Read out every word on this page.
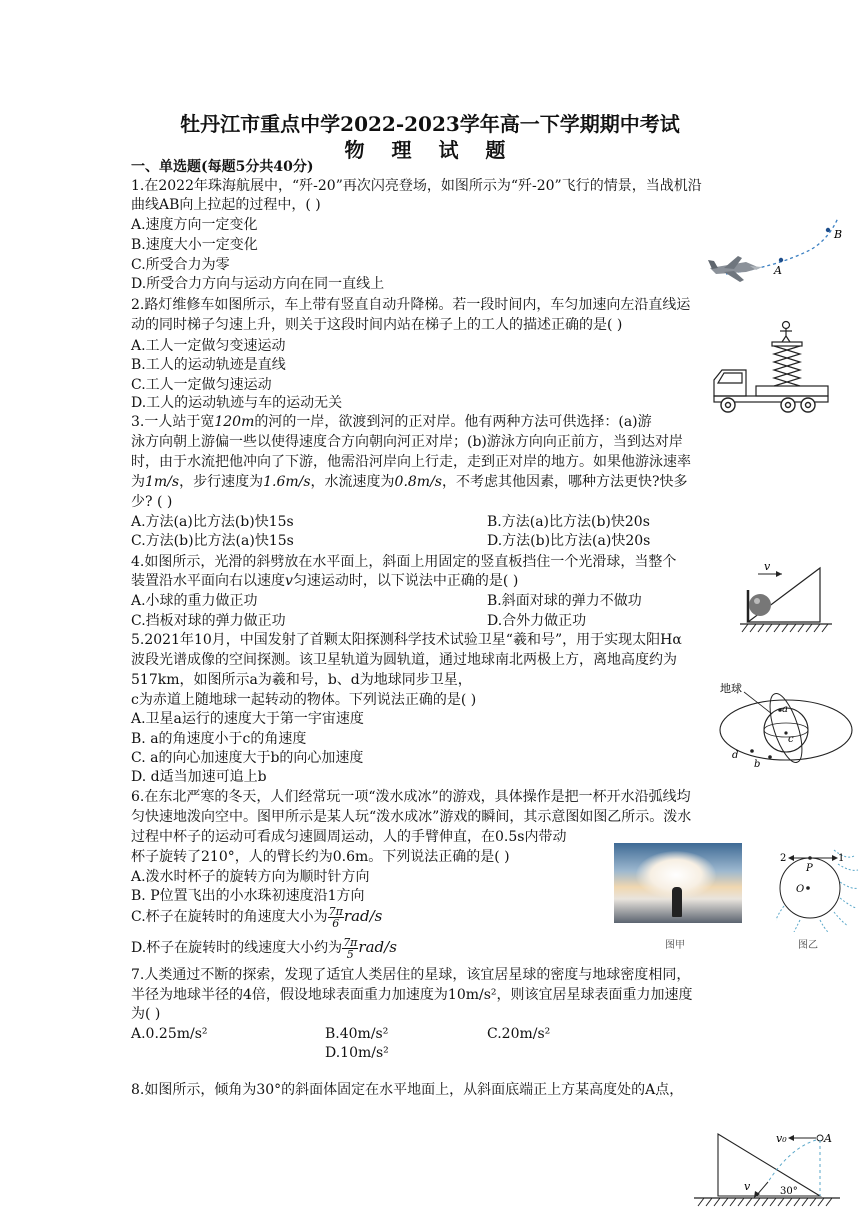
牡丹江市重点中学2022-2023学年高一下学期期中考试
物 理 试 题
一、单选题(每题5分共40分)
1.在2022年珠海航展中，“歼-20”再次闪亮登场，如图所示为“歼-20”飞行的情景，当战机沿
曲线AB向上拉起的过程中，( )
A.速度方向一定变化
B.速度大小一定变化
C.所受合力为零
D.所受合力方向与运动方向在同一直线上
A
B
2.路灯维修车如图所示，车上带有竖直自动升降梯。若一段时间内，车匀加速向左沿直线运
动的同时梯子匀速上升，则关于这段时间内站在梯子上的工人的描述正确的是( )
A.工人一定做匀变速运动
B.工人的运动轨迹是直线
C.工人一定做匀速运动
D.工人的运动轨迹与车的运动无关
3.一人站于宽120m的河的一岸，欲渡到河的正对岸。他有两种方法可供选择：(a)游
泳方向朝上游偏一些以使得速度合方向朝向河正对岸；(b)游泳方向向正前方，当到达对岸
时，由于水流把他冲向了下游，他需沿河岸向上行走，走到正对岸的地方。如果他游泳速率
为1m/s，步行速度为1.6m/s，水流速度为0.8m/s，不考虑其他因素，哪种方法更快?快多
少? ( )
A.方法(a)比方法(b)快15s	B.方法(a)比方法(b)快20s
C.方法(b)比方法(a)快15s	D.方法(b)比方法(a)快20s
4.如图所示，光滑的斜劈放在水平面上，斜面上用固定的竖直板挡住一个光滑球，当整个
装置沿水平面向右以速度v匀速运动时，以下说法中正确的是( )
A.小球的重力做正功	B.斜面对球的弹力不做功
C.挡板对球的弹力做正功	D.合外力做正功
v
5.2021年10月，中国发射了首颗太阳探测科学技术试验卫星“羲和号”，用于实现太阳Hα
波段光谱成像的空间探测。该卫星轨道为圆轨道，通过地球南北两极上方，离地高度约为
517km，如图所示a为羲和号，b、d为地球同步卫星，
c为赤道上随地球一起转动的物体。下列说法正确的是( )
A.卫星a运行的速度大于第一宇宙速度
B. a的角速度小于c的角速度
C. a的向心加速度大于b的向心加速度
D. d适当加速可追上b
地球
a
c
d
b
6.在东北严寒的冬天，人们经常玩一项“泼水成冰”的游戏，具体操作是把一杯开水沿弧线均
匀快速地泼向空中。图甲所示是某人玩“泼水成冰”游戏的瞬间，其示意图如图乙所示。泼水
过程中杯子的运动可看成匀速圆周运动，人的手臂伸直，在0.5s内带动
杯子旋转了210°，人的臂长约为0.6m。下列说法正确的是( )
A.泼水时杯子的旋转方向为顺时针方向
B. P位置飞出的小水珠初速度沿1方向
C.杯子在旋转时的角速度大小为 $\frac{7\pi}{6} rad/s$
D.杯子在旋转时的线速度大小约为 $\frac{7\pi}{5} rad/s$	图甲
2	1
P
O
图乙
7.人类通过不断的探索，发现了适宜人类居住的星球，该宜居星球的密度与地球密度相同，
半径为地球半径的4倍，假设地球表面重力加速度为10m/s²，则该宜居星球表面重力加速度
为( )
A.0.25m/s²	B.40m/s²	C.20m/s²
D.10m/s²
8.如图所示，倾角为30°的斜面体固定在水平地面上，从斜面底端正上方某高度处的A点，
v₀	A
v	30°
